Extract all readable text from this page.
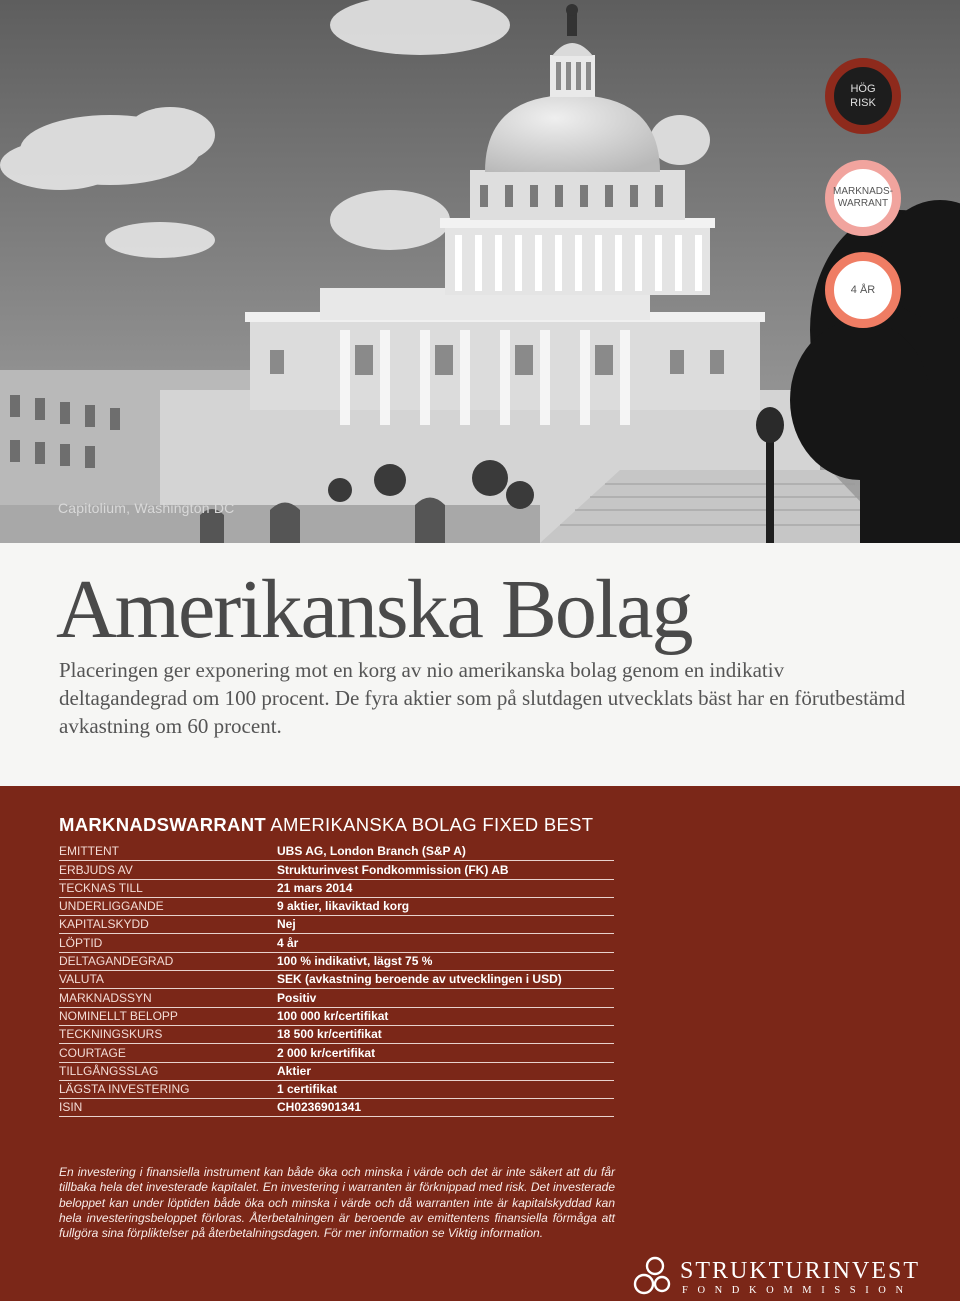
Capitolium, Washington DC
HÖG
RISK
MARKNADS-
WARRANT
4 ÅR
Amerikanska Bolag

Placeringen ger exponering mot en korg av nio amerikanska bolag genom en indikativ deltagandegrad om 100 procent. De fyra aktier som på slutdagen utvecklats bäst har en förutbestämd avkastning om 60 procent.

MARKNADSWARRANT AMERIKANSKA BOLAG FIXED BEST
EMITTENT	UBS AG, London Branch (S&P A)
ERBJUDS AV	Strukturinvest Fondkommission (FK) AB
TECKNAS TILL	21 mars 2014
UNDERLIGGANDE	9 aktier, likaviktad korg
KAPITALSKYDD	Nej
LÖPTID	4 år
DELTAGANDEGRAD	100 % indikativt, lägst 75 %
VALUTA	SEK (avkastning beroende av utvecklingen i USD)
MARKNADSSYN	Positiv
NOMINELLT BELOPP	100 000 kr/certifikat
TECKNINGSKURS	18 500 kr/certifikat
COURTAGE	2 000 kr/certifikat
TILLGÅNGSSLAG	Aktier
LÄGSTA INVESTERING	1 certifikat
ISIN	CH0236901341

En investering i finansiella instrument kan både öka och minska i värde och det är inte säkert att du får tillbaka hela det investerade kapitalet. En investering i warranten är förknippad med risk. Det investerade beloppet kan under löptiden både öka och minska i värde och då warranten inte är kapitalskyddad kan hela investeringsbeloppet förloras. Återbetalningen är beroende av emittentens finansiella förmåga att fullgöra sina förpliktelser på återbetalningsdagen. För mer information se Viktig information.

STRUKTURINVEST
FONDKOMMISSION
